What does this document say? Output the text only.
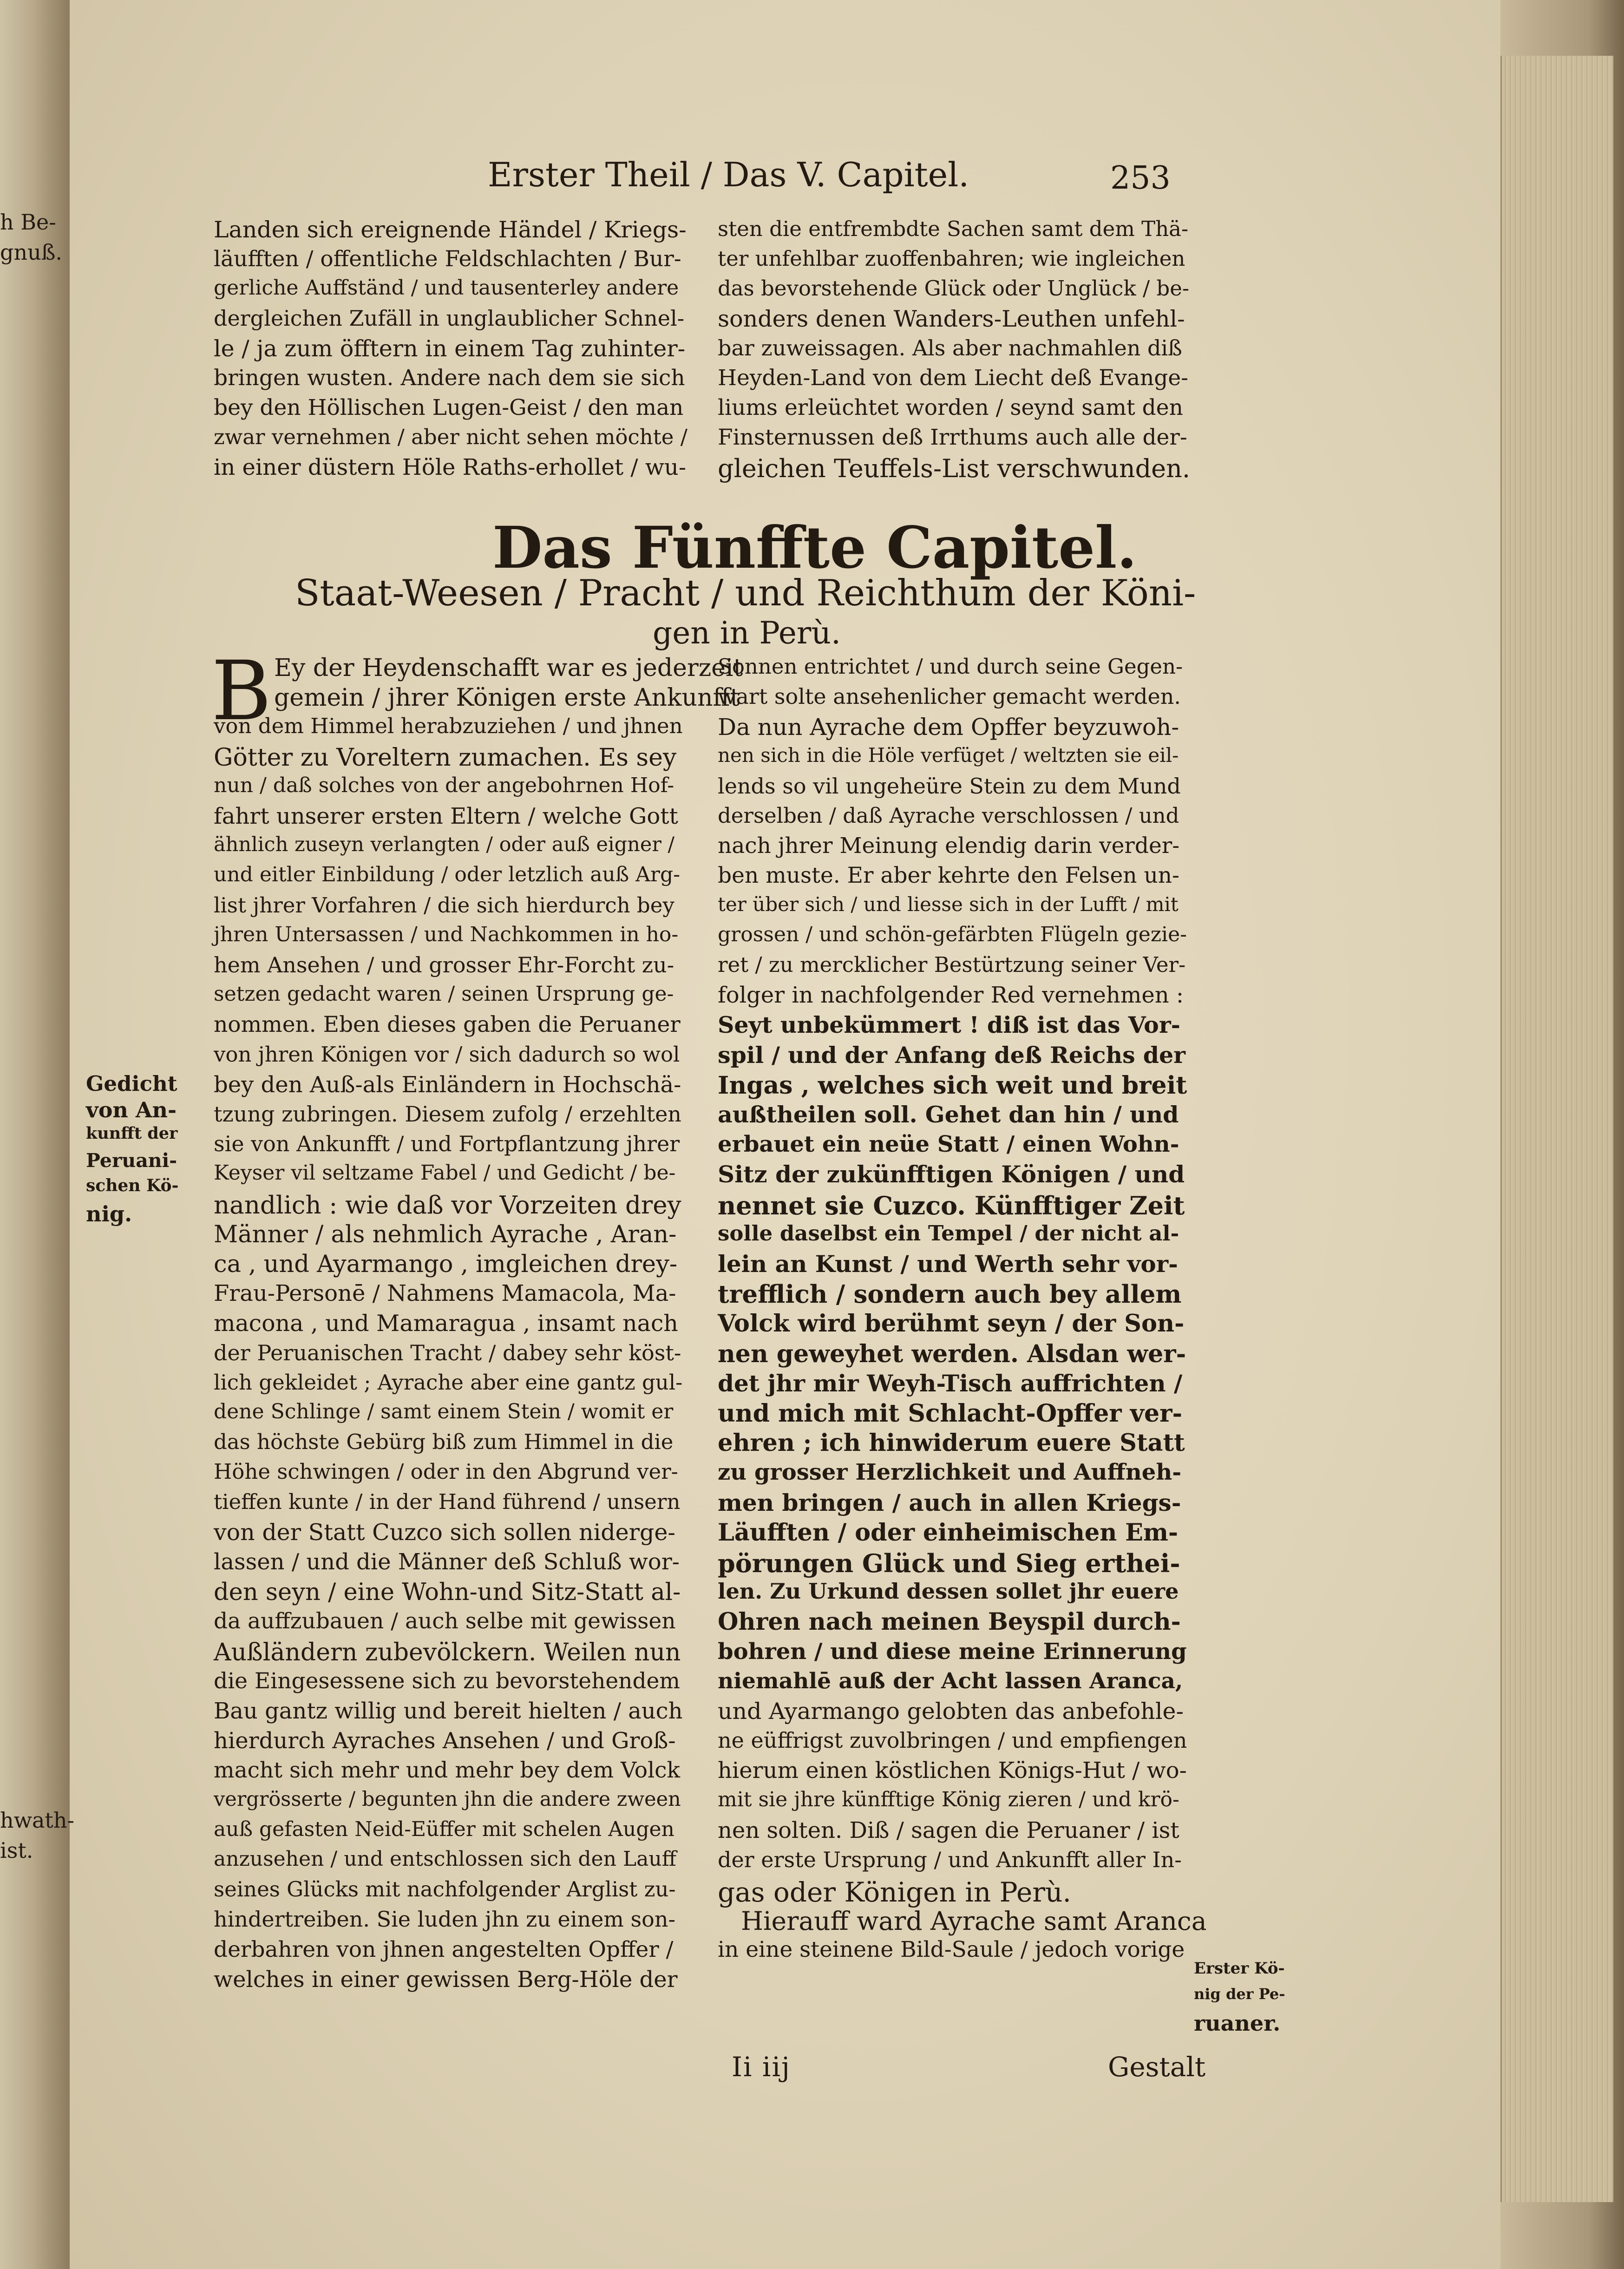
h Be-
gnuß.
hwath-
ist.
Erster Theil / Das V. Capitel.	253
Landen sich ereignende Händel / Kriegs-
läufften / offentliche Feldschlachten / Bur-
gerliche Auffständ / und tausenterley andere
dergleichen Zufäll in unglaublicher Schnel-
le / ja zum öfftern in einem Tag zuhinter-
bringen wusten. Andere nach dem sie sich
bey den Höllischen Lugen-Geist / den man
zwar vernehmen / aber nicht sehen möchte /
in einer düstern Höle Raths-erhollet / wu-
sten die entfrembdte Sachen samt dem Thä-
ter unfehlbar zuoffenbahren; wie ingleichen
das bevorstehende Glück oder Unglück / be-
sonders denen Wanders-Leuthen unfehl-
bar zuweissagen. Als aber nachmahlen diß
Heyden-Land von dem Liecht deß Evange-
liums erleüchtet worden / seynd samt den
Finsternussen deß Irrthums auch alle der-
gleichen Teuffels-List verschwunden.
Das Fünffte Capitel.
Staat-Weesen / Pracht / und Reichthum der Köni-
gen in Perù.
B Ey der Heydenschafft war es jederzeit
gemein / jhrer Königen erste Ankunfft
von dem Himmel herabzuziehen / und jhnen
Götter zu Voreltern zumachen. Es sey
nun / daß solches von der angebohrnen Hof-
fahrt unserer ersten Eltern / welche Gott
ähnlich zuseyn verlangten / oder auß eigner /
und eitler Einbildung / oder letzlich auß Arg-
list jhrer Vorfahren / die sich hierdurch bey
jhren Untersassen / und Nachkommen in ho-
hem Ansehen / und grosser Ehr-Forcht zu-
setzen gedacht waren / seinen Ursprung ge-
nommen. Eben dieses gaben die Peruaner
von jhren Königen vor / sich dadurch so wol
bey den Auß-als Einländern in Hochschä-
tzung zubringen. Diesem zufolg / erzehlten
sie von Ankunfft / und Fortpflantzung jhrer
Keyser vil seltzame Fabel / und Gedicht / be-
nandlich : wie daß vor Vorzeiten drey
Männer / als nehmlich Ayrache , Aran-
ca , und Ayarmango , imgleichen drey-
Frau-Personē / Nahmens Mamacola, Ma-
macona , und Mamaragua , insamt nach
der Peruanischen Tracht / dabey sehr köst-
lich gekleidet ; Ayrache aber eine gantz gul-
dene Schlinge / samt einem Stein / womit er
das höchste Gebürg biß zum Himmel in die
Höhe schwingen / oder in den Abgrund ver-
tieffen kunte / in der Hand führend / unsern
von der Statt Cuzco sich sollen niderge-
lassen / und die Männer deß Schluß wor-
den seyn / eine Wohn-und Sitz-Statt al-
da auffzubauen / auch selbe mit gewissen
Außländern zubevölckern. Weilen nun
die Eingesessene sich zu bevorstehendem
Bau gantz willig und bereit hielten / auch
hierdurch Ayraches Ansehen / und Groß-
macht sich mehr und mehr bey dem Volck
vergrösserte / begunten jhn die andere zween
auß gefasten Neid-Eüffer mit schelen Augen
anzusehen / und entschlossen sich den Lauff
seines Glücks mit nachfolgender Arglist zu-
hindertreiben. Sie luden jhn zu einem son-
derbahren von jhnen angestelten Opffer /
welches in einer gewissen Berg-Höle der
Sonnen entrichtet / und durch seine Gegen-
wart solte ansehenlicher gemacht werden.
Da nun Ayrache dem Opffer beyzuwoh-
nen sich in die Höle verfüget / weltzten sie eil-
lends so vil ungeheüre Stein zu dem Mund
derselben / daß Ayrache verschlossen / und
nach jhrer Meinung elendig darin verder-
ben muste. Er aber kehrte den Felsen un-
ter über sich / und liesse sich in der Lufft / mit
grossen / und schön-gefärbten Flügeln gezie-
ret / zu mercklicher Bestürtzung seiner Ver-
folger in nachfolgender Red vernehmen :
Seyt unbekümmert ! diß ist das Vor-
spil / und der Anfang deß Reichs der
Ingas , welches sich weit und breit
außtheilen soll. Gehet dan hin / und
erbauet ein neüe Statt / einen Wohn-
Sitz der zukünfftigen Königen / und
nennet sie Cuzco. Künfftiger Zeit
solle daselbst ein Tempel / der nicht al-
lein an Kunst / und Werth sehr vor-
trefflich / sondern auch bey allem
Volck wird berühmt seyn / der Son-
nen geweyhet werden. Alsdan wer-
det jhr mir Weyh-Tisch auffrichten /
und mich mit Schlacht-Opffer ver-
ehren ; ich hinwiderum euere Statt
zu grosser Herzlichkeit und Auffneh-
men bringen / auch in allen Kriegs-
Läufften / oder einheimischen Em-
pörungen Glück und Sieg erthei-
len. Zu Urkund dessen sollet jhr euere
Ohren nach meinen Beyspil durch-
bohren / und diese meine Erinnerung
niemahlē auß der Acht lassen Aranca,
und Ayarmango gelobten das anbefohle-
ne eüffrigst zuvolbringen / und empfiengen
hierum einen köstlichen Königs-Hut / wo-
mit sie jhre künfftige König zieren / und krö-
nen solten. Diß / sagen die Peruaner / ist
der erste Ursprung / und Ankunfft aller In-
gas oder Königen in Perù.
Hierauff ward Ayrache samt Aranca
in eine steinene Bild-Saule / jedoch vorige
Gedicht
von An-
kunfft der
Peruani-
schen Kö-
nig.
Erster Kö-
nig der Pe-
ruaner.
Ii iij	Gestalt
